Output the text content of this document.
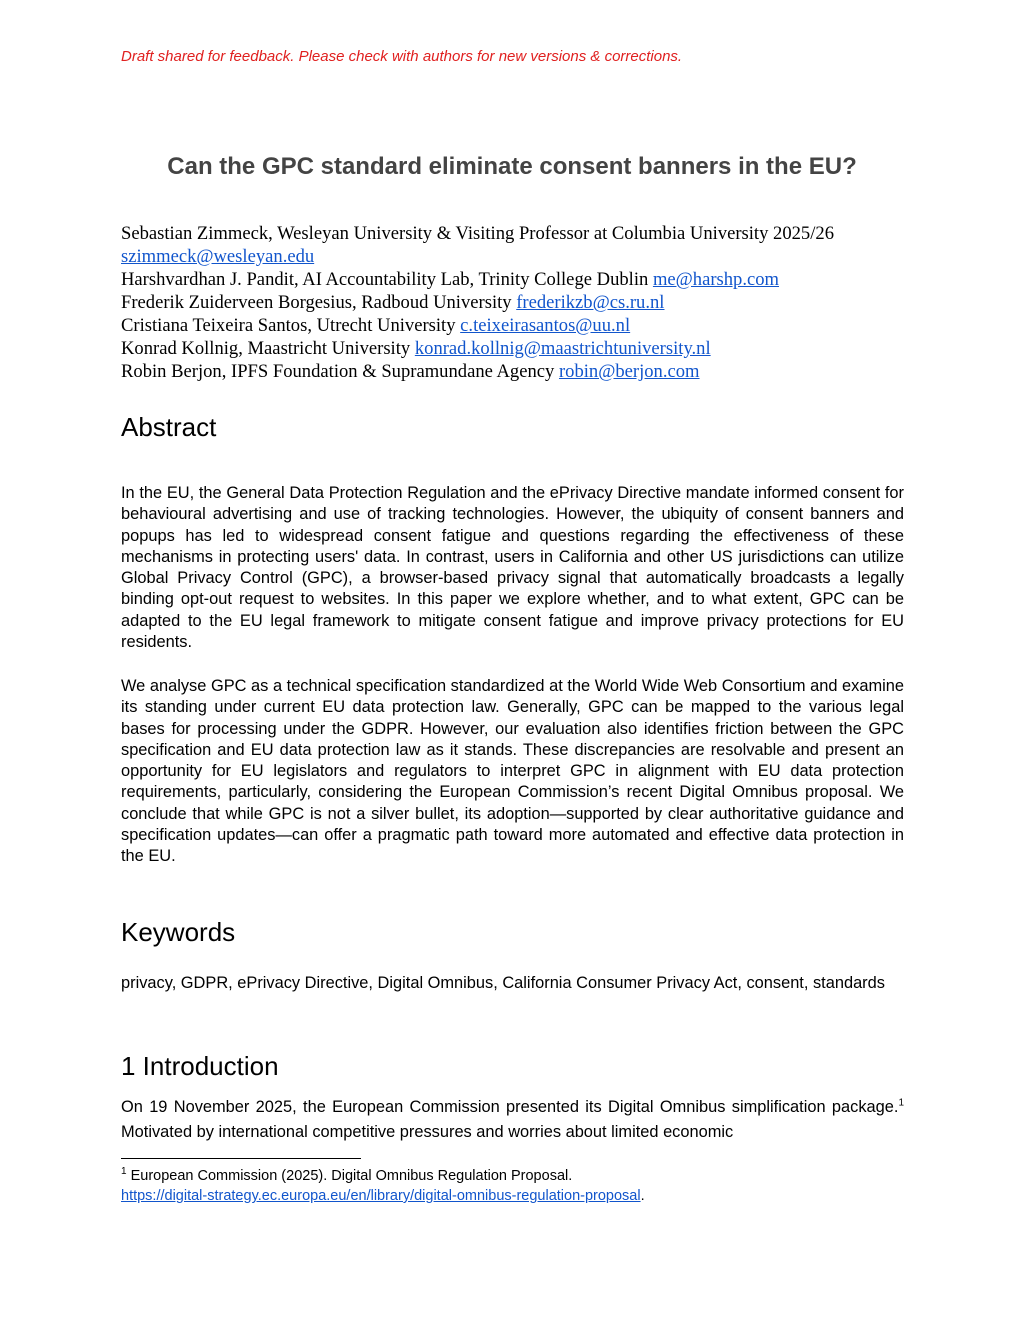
Draft shared for feedback. Please check with authors for new versions & corrections.
Can the GPC standard eliminate consent banners in the EU?
Sebastian Zimmeck, Wesleyan University & Visiting Professor at Columbia University 2025/26 szimmeck@wesleyan.edu
Harshvardhan J. Pandit, AI Accountability Lab, Trinity College Dublin me@harshp.com
Frederik Zuiderveen Borgesius, Radboud University frederikzb@cs.ru.nl
Cristiana Teixeira Santos, Utrecht University c.teixeirasantos@uu.nl
Konrad Kollnig, Maastricht University konrad.kollnig@maastrichtuniversity.nl
Robin Berjon, IPFS Foundation & Supramundane Agency robin@berjon.com
Abstract

In the EU, the General Data Protection Regulation and the ePrivacy Directive mandate informed consent for behavioural advertising and use of tracking technologies. However, the ubiquity of consent banners and popups has led to widespread consent fatigue and questions regarding the effectiveness of these mechanisms in protecting users' data. In contrast, users in California and other US jurisdictions can utilize Global Privacy Control (GPC), a browser-based privacy signal that automatically broadcasts a legally binding opt-out request to websites. In this paper we explore whether, and to what extent, GPC can be adapted to the EU legal framework to mitigate consent fatigue and improve privacy protections for EU residents.

We analyse GPC as a technical specification standardized at the World Wide Web Consortium and examine its standing under current EU data protection law. Generally, GPC can be mapped to the various legal bases for processing under the GDPR. However, our evaluation also identifies friction between the GPC specification and EU data protection law as it stands. These discrepancies are resolvable and present an opportunity for EU legislators and regulators to interpret GPC in alignment with EU data protection requirements, particularly, considering the European Commission’s recent Digital Omnibus proposal. We conclude that while GPC is not a silver bullet, its adoption—supported by clear authoritative guidance and specification updates—can offer a pragmatic path toward more automated and effective data protection in the EU.

Keywords

privacy, GDPR, ePrivacy Directive, Digital Omnibus, California Consumer Privacy Act, consent, standards

1 Introduction

On 19 November 2025, the European Commission presented its Digital Omnibus simplification package.$^1$ Motivated by international competitive pressures and worries about limited economic

$^1$ European Commission (2025). Digital Omnibus Regulation Proposal.
https://digital-strategy.ec.europa.eu/en/library/digital-omnibus-regulation-proposal.
